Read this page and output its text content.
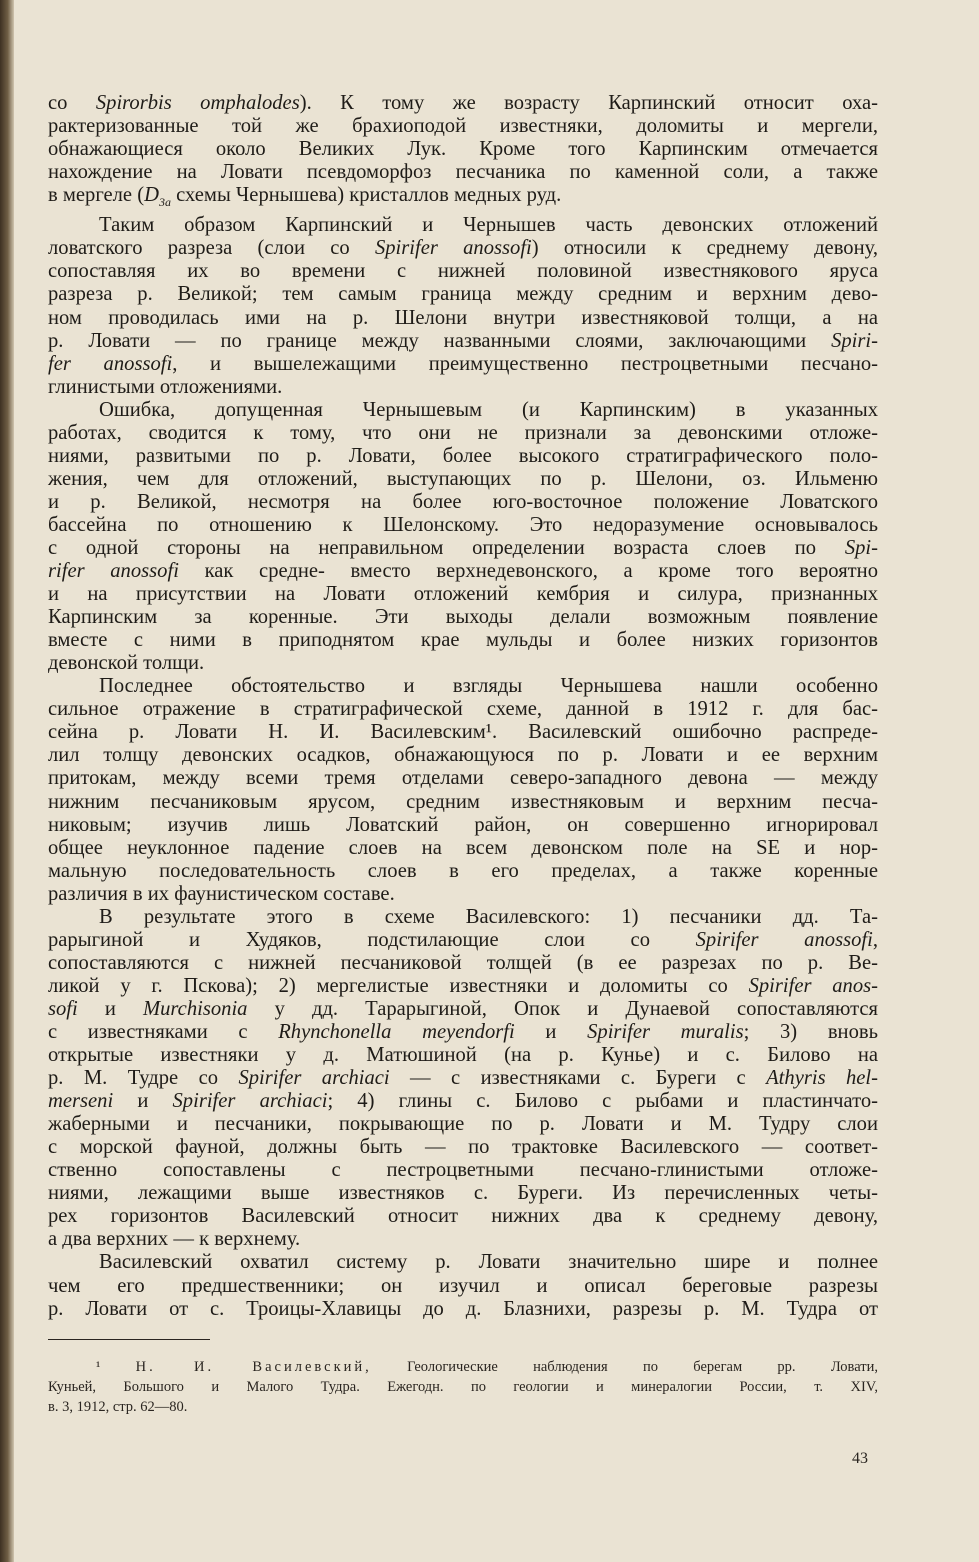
со Spirorbis omphalodes). К тому же возрасту Карпинский относит оха-
рактеризованные той же брахиоподой известняки, доломиты и мергели,
обнажающиеся около Великих Лук. Кроме того Карпинским отмечается
нахождение на Ловати псевдоморфоз песчаника по каменной соли, а также

в мергеле ($D_{3a}$ схемы Чернышева) кристаллов медных руд.

Таким образом Карпинский и Чернышев часть девонских отложений
ловатского разреза (слои со Spirifer anossofi) относили к среднему девону,
сопоставляя их во времени с нижней половиной известнякового яруса
разреза р. Великой; тем самым граница между средним и верхним дево-
ном проводилась ими на р. Шелони внутри известняковой толщи, а на
р. Ловати — по границе между названными слоями, заключающими Spiri-
fer anossofi, и вышележащими преимущественно пестроцветными песчано-

глинистыми отложениями.

Ошибка, допущенная Чернышевым (и Карпинским) в указанных
работах, сводится к тому, что они не признали за девонскими отложе-
ниями, развитыми по р. Ловати, более высокого стратиграфического поло-
жения, чем для отложений, выступающих по р. Шелони, оз. Ильменю
и р. Великой, несмотря на более юго-восточное положение Ловатского
бассейна по отношению к Шелонскому. Это недоразумение основывалось
с одной стороны на неправильном определении возраста слоев по Spi-
rifer anossofi как средне- вместо верхнедевонского, а кроме того вероятно
и на присутствии на Ловати отложений кембрия и силура, признанных
Карпинским за коренные. Эти выходы делали возможным появление
вместе с ними в приподнятом крае мульды и более низких горизонтов

девонской толщи.

Последнее обстоятельство и взгляды Чернышева нашли особенно
сильное отражение в стратиграфической схеме, данной в 1912 г. для бас-
сейна р. Ловати Н. И. Василевским¹. Василевский ошибочно распреде-
лил толщу девонских осадков, обнажающуюся по р. Ловати и ее верхним
притокам, между всеми тремя отделами северо-западного девона — между
нижним песчаниковым ярусом, средним известняковым и верхним песча-
никовым; изучив лишь Ловатский район, он совершенно игнорировал
общее неуклонное падение слоев на всем девонском поле на SE и нор-
мальную последовательность слоев в его пределах, а также коренные

различия в их фаунистическом составе.

В результате этого в схеме Василевского: 1) песчаники дд. Та-
рарыгиной и Худяков, подстилающие слои со Spirifer anossofi,
сопоставляются с нижней песчаниковой толщей (в ее разрезах по р. Ве-
ликой у г. Пскова); 2) мергелистые известняки и доломиты со Spirifer anos-
sofi и Murchisonia у дд. Тарарыгиной, Опок и Дунаевой сопоставляются
с известняками с Rhynchonella meyendorfi и Spirifer muralis; 3) вновь
открытые известняки у д. Матюшиной (на р. Кунье) и с. Билово на
р. М. Тудре со Spirifer archiaci — с известняками с. Буреги с Athyris hel-
merseni и Spirifer archiaci; 4) глины с. Билово с рыбами и пластинчато-
жаберными и песчаники, покрывающие по р. Ловати и М. Тудру слои
с морской фауной, должны быть — по трактовке Василевского — соответ-
ственно сопоставлены с пестроцветными песчано-глинистыми отложе-
ниями, лежащими выше известняков с. Буреги. Из перечисленных четы-
рех горизонтов Василевский относит нижних два к среднему девону,

а два верхних — к верхнему.

Василевский охватил систему р. Ловати значительно шире и полнее
чем его предшественники; он изучил и описал береговые разрезы
р. Ловати от с. Троицы-Хлавицы до д. Блазнихи, разрезы р. М. Тудра от

¹ Н. И. Василевский, Геологические наблюдения по берегам рр. Ловати,

Куньей, Большого и Малого Тудра. Ежегодн. по геологии и минералогии России, т. XIV,

в. 3, 1912, стр. 62—80.

43
